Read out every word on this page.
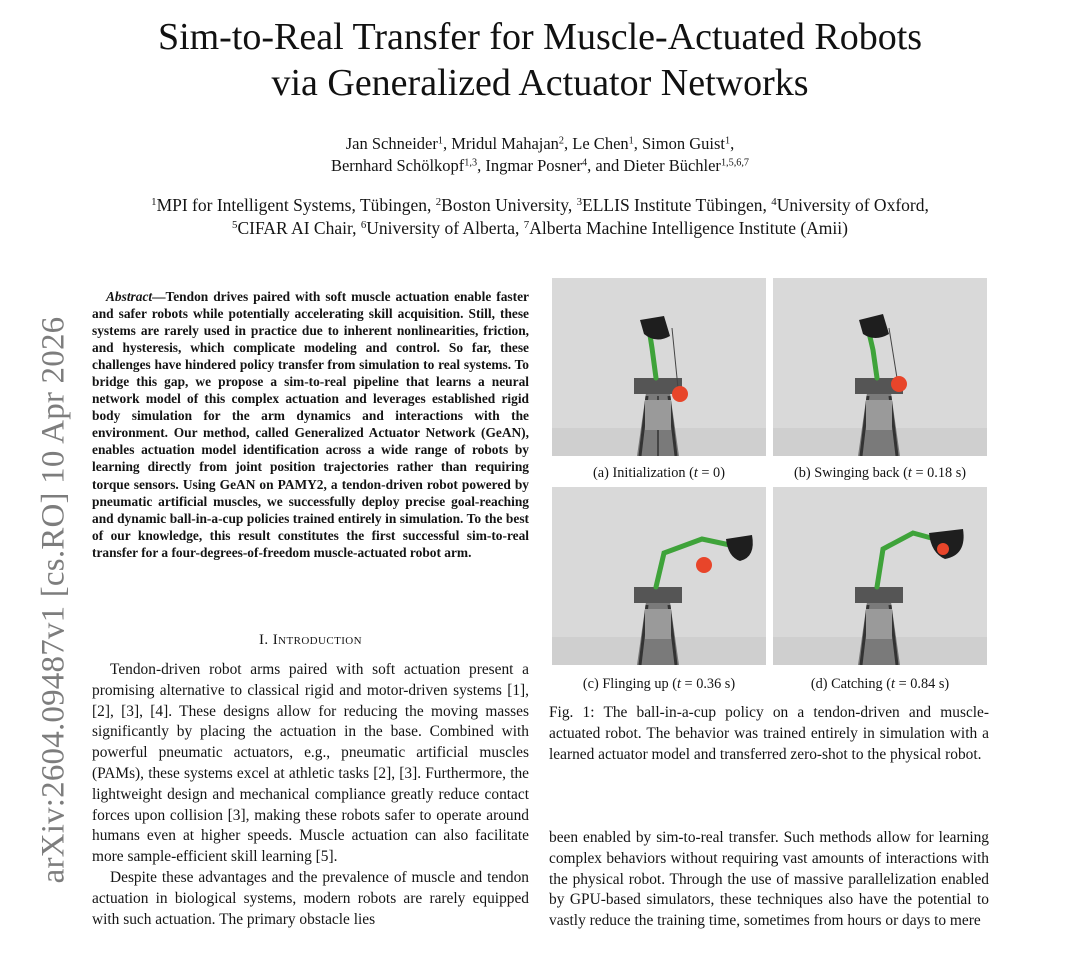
Sim-to-Real Transfer for Muscle-Actuated Robots
via Generalized Actuator Networks
Jan Schneider$^1$, Mridul Mahajan$^2$, Le Chen$^1$, Simon Guist$^1$,
Bernhard Schölkopf$^{1,3}$, Ingmar Posner$^4$, and Dieter Büchler$^{1,5,6,7}$
$^1$MPI for Intelligent Systems, Tübingen, $^2$Boston University, $^3$ELLIS Institute Tübingen, $^4$University of Oxford,
$^5$CIFAR AI Chair, $^6$University of Alberta, $^7$Alberta Machine Intelligence Institute (Amii)
arXiv:2604.09487v1 [cs.RO] 10 Apr 2026
Abstract—Tendon drives paired with soft muscle actuation enable faster and safer robots while potentially accelerating skill acquisition. Still, these systems are rarely used in practice due to inherent nonlinearities, friction, and hysteresis, which complicate modeling and control. So far, these challenges have hindered policy transfer from simulation to real systems. To bridge this gap, we propose a sim-to-real pipeline that learns a neural network model of this complex actuation and leverages established rigid body simulation for the arm dynamics and interactions with the environment. Our method, called Generalized Actuator Network (GeAN), enables actuation model identification across a wide range of robots by learning directly from joint position trajectories rather than requiring torque sensors. Using GeAN on PAMY2, a tendon-driven robot powered by pneumatic artificial muscles, we successfully deploy precise goal-reaching and dynamic ball-in-a-cup policies trained entirely in simulation. To the best of our knowledge, this result constitutes the first successful sim-to-real transfer for a four-degrees-of-freedom muscle-actuated robot arm.
I. Introduction

Tendon-driven robot arms paired with soft actuation present a promising alternative to classical rigid and motor-driven systems [1], [2], [3], [4]. These designs allow for reducing the moving masses significantly by placing the actuation in the base. Combined with powerful pneumatic actuators, e.g., pneumatic artificial muscles (PAMs), these systems excel at athletic tasks [2], [3]. Furthermore, the lightweight design and mechanical compliance greatly reduce contact forces upon collision [3], making these robots safer to operate around humans even at higher speeds. Muscle actuation can also facilitate more sample-efficient skill learning [5].

Despite these advantages and the prevalence of muscle and tendon actuation in biological systems, modern robots are rarely equipped with such actuation. The primary obstacle lies

(a) Initialization (t = 0)	(b) Swinging back (t = 0.18 s)
(c) Flinging up (t = 0.36 s)	(d) Catching (t = 0.84 s)
Fig. 1: The ball-in-a-cup policy on a tendon-driven and muscle-actuated robot. The behavior was trained entirely in simulation with a learned actuator model and transferred zero-shot to the physical robot.

been enabled by sim-to-real transfer. Such methods allow for learning complex behaviors without requiring vast amounts of interactions with the physical robot. Through the use of massive parallelization enabled by GPU-based simulators, these techniques also have the potential to vastly reduce the training time, sometimes from hours or days to mere
